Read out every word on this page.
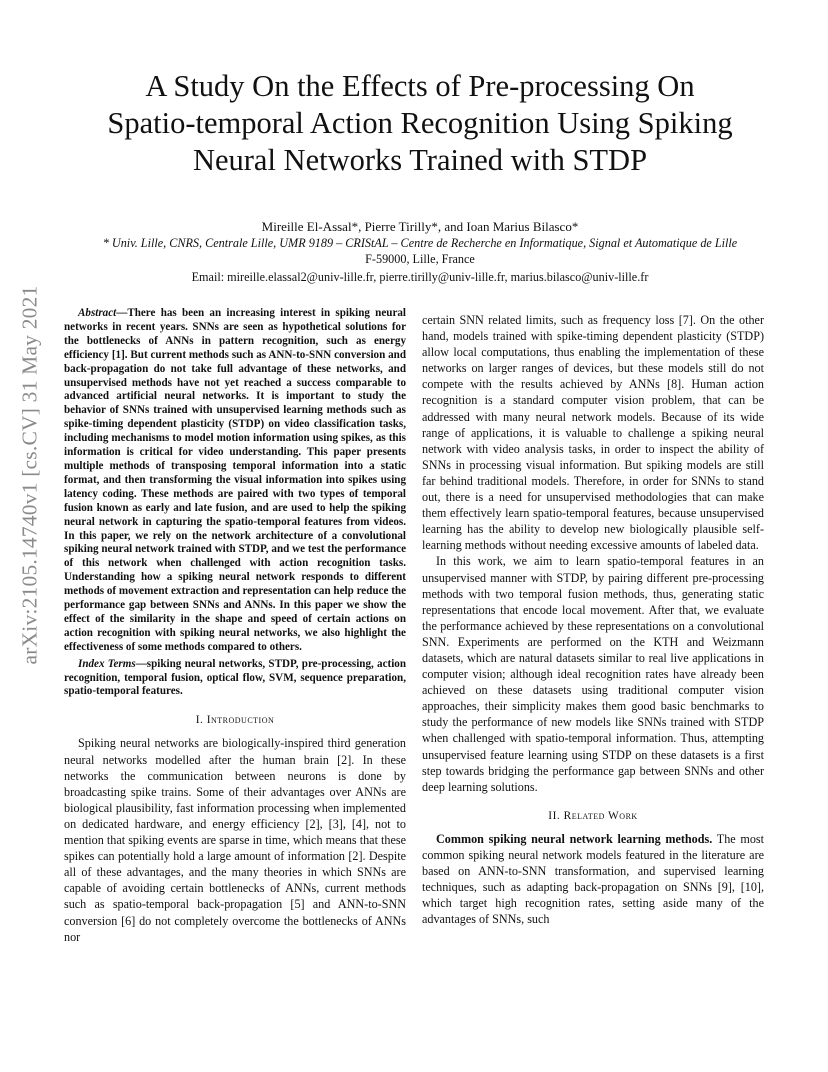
arXiv:2105.14740v1 [cs.CV] 31 May 2021
A Study On the Effects of Pre-processing On
Spatio-temporal Action Recognition Using Spiking
Neural Networks Trained with STDP
Mireille El-Assal*, Pierre Tirilly*, and Ioan Marius Bilasco*
* Univ. Lille, CNRS, Centrale Lille, UMR 9189 – CRIStAL – Centre de Recherche en Informatique, Signal et Automatique de Lille
F-59000, Lille, France
Email: mireille.elassal2@univ-lille.fr, pierre.tirilly@univ-lille.fr, marius.bilasco@univ-lille.fr

Abstract—There has been an increasing interest in spiking neural networks in recent years. SNNs are seen as hypothetical solutions for the bottlenecks of ANNs in pattern recognition, such as energy efficiency [1]. But current methods such as ANN-to-SNN conversion and back-propagation do not take full advantage of these networks, and unsupervised methods have not yet reached a success comparable to advanced artificial neural networks. It is important to study the behavior of SNNs trained with unsupervised learning methods such as spike-timing dependent plasticity (STDP) on video classification tasks, including mechanisms to model motion information using spikes, as this information is critical for video understanding. This paper presents multiple methods of transposing temporal information into a static format, and then transforming the visual information into spikes using latency coding. These methods are paired with two types of temporal fusion known as early and late fusion, and are used to help the spiking neural network in capturing the spatio-temporal features from videos. In this paper, we rely on the network architecture of a convolutional spiking neural network trained with STDP, and we test the performance of this network when challenged with action recognition tasks. Understanding how a spiking neural network responds to different methods of movement extraction and representation can help reduce the performance gap between SNNs and ANNs. In this paper we show the effect of the similarity in the shape and speed of certain actions on action recognition with spiking neural networks, we also highlight the effectiveness of some methods compared to others.

Index Terms—spiking neural networks, STDP, pre-processing, action recognition, temporal fusion, optical flow, SVM, sequence preparation, spatio-temporal features.

I. Introduction

Spiking neural networks are biologically-inspired third generation neural networks modelled after the human brain [2]. In these networks the communication between neurons is done by broadcasting spike trains. Some of their advantages over ANNs are biological plausibility, fast information processing when implemented on dedicated hardware, and energy efficiency [2], [3], [4], not to mention that spiking events are sparse in time, which means that these spikes can potentially hold a large amount of information [2]. Despite all of these advantages, and the many theories in which SNNs are capable of avoiding certain bottlenecks of ANNs, current methods such as spatio-temporal back-propagation [5] and ANN-to-SNN conversion [6] do not completely overcome the bottlenecks of ANNs nor

certain SNN related limits, such as frequency loss [7]. On the other hand, models trained with spike-timing dependent plasticity (STDP) allow local computations, thus enabling the implementation of these networks on larger ranges of devices, but these models still do not compete with the results achieved by ANNs [8]. Human action recognition is a standard computer vision problem, that can be addressed with many neural network models. Because of its wide range of applications, it is valuable to challenge a spiking neural network with video analysis tasks, in order to inspect the ability of SNNs in processing visual information. But spiking models are still far behind traditional models. Therefore, in order for SNNs to stand out, there is a need for unsupervised methodologies that can make them effectively learn spatio-temporal features, because unsupervised learning has the ability to develop new biologically plausible self-learning methods without needing excessive amounts of labeled data.

In this work, we aim to learn spatio-temporal features in an unsupervised manner with STDP, by pairing different pre-processing methods with two temporal fusion methods, thus, generating static representations that encode local movement. After that, we evaluate the performance achieved by these representations on a convolutional SNN. Experiments are performed on the KTH and Weizmann datasets, which are natural datasets similar to real live applications in computer vision; although ideal recognition rates have already been achieved on these datasets using traditional computer vision approaches, their simplicity makes them good basic benchmarks to study the performance of new models like SNNs trained with STDP when challenged with spatio-temporal information. Thus, attempting unsupervised feature learning using STDP on these datasets is a first step towards bridging the performance gap between SNNs and other deep learning solutions.

II. Related Work

Common spiking neural network learning methods. The most common spiking neural network models featured in the literature are based on ANN-to-SNN transformation, and supervised learning techniques, such as adapting back-propagation on SNNs [9], [10], which target high recognition rates, setting aside many of the advantages of SNNs, such
